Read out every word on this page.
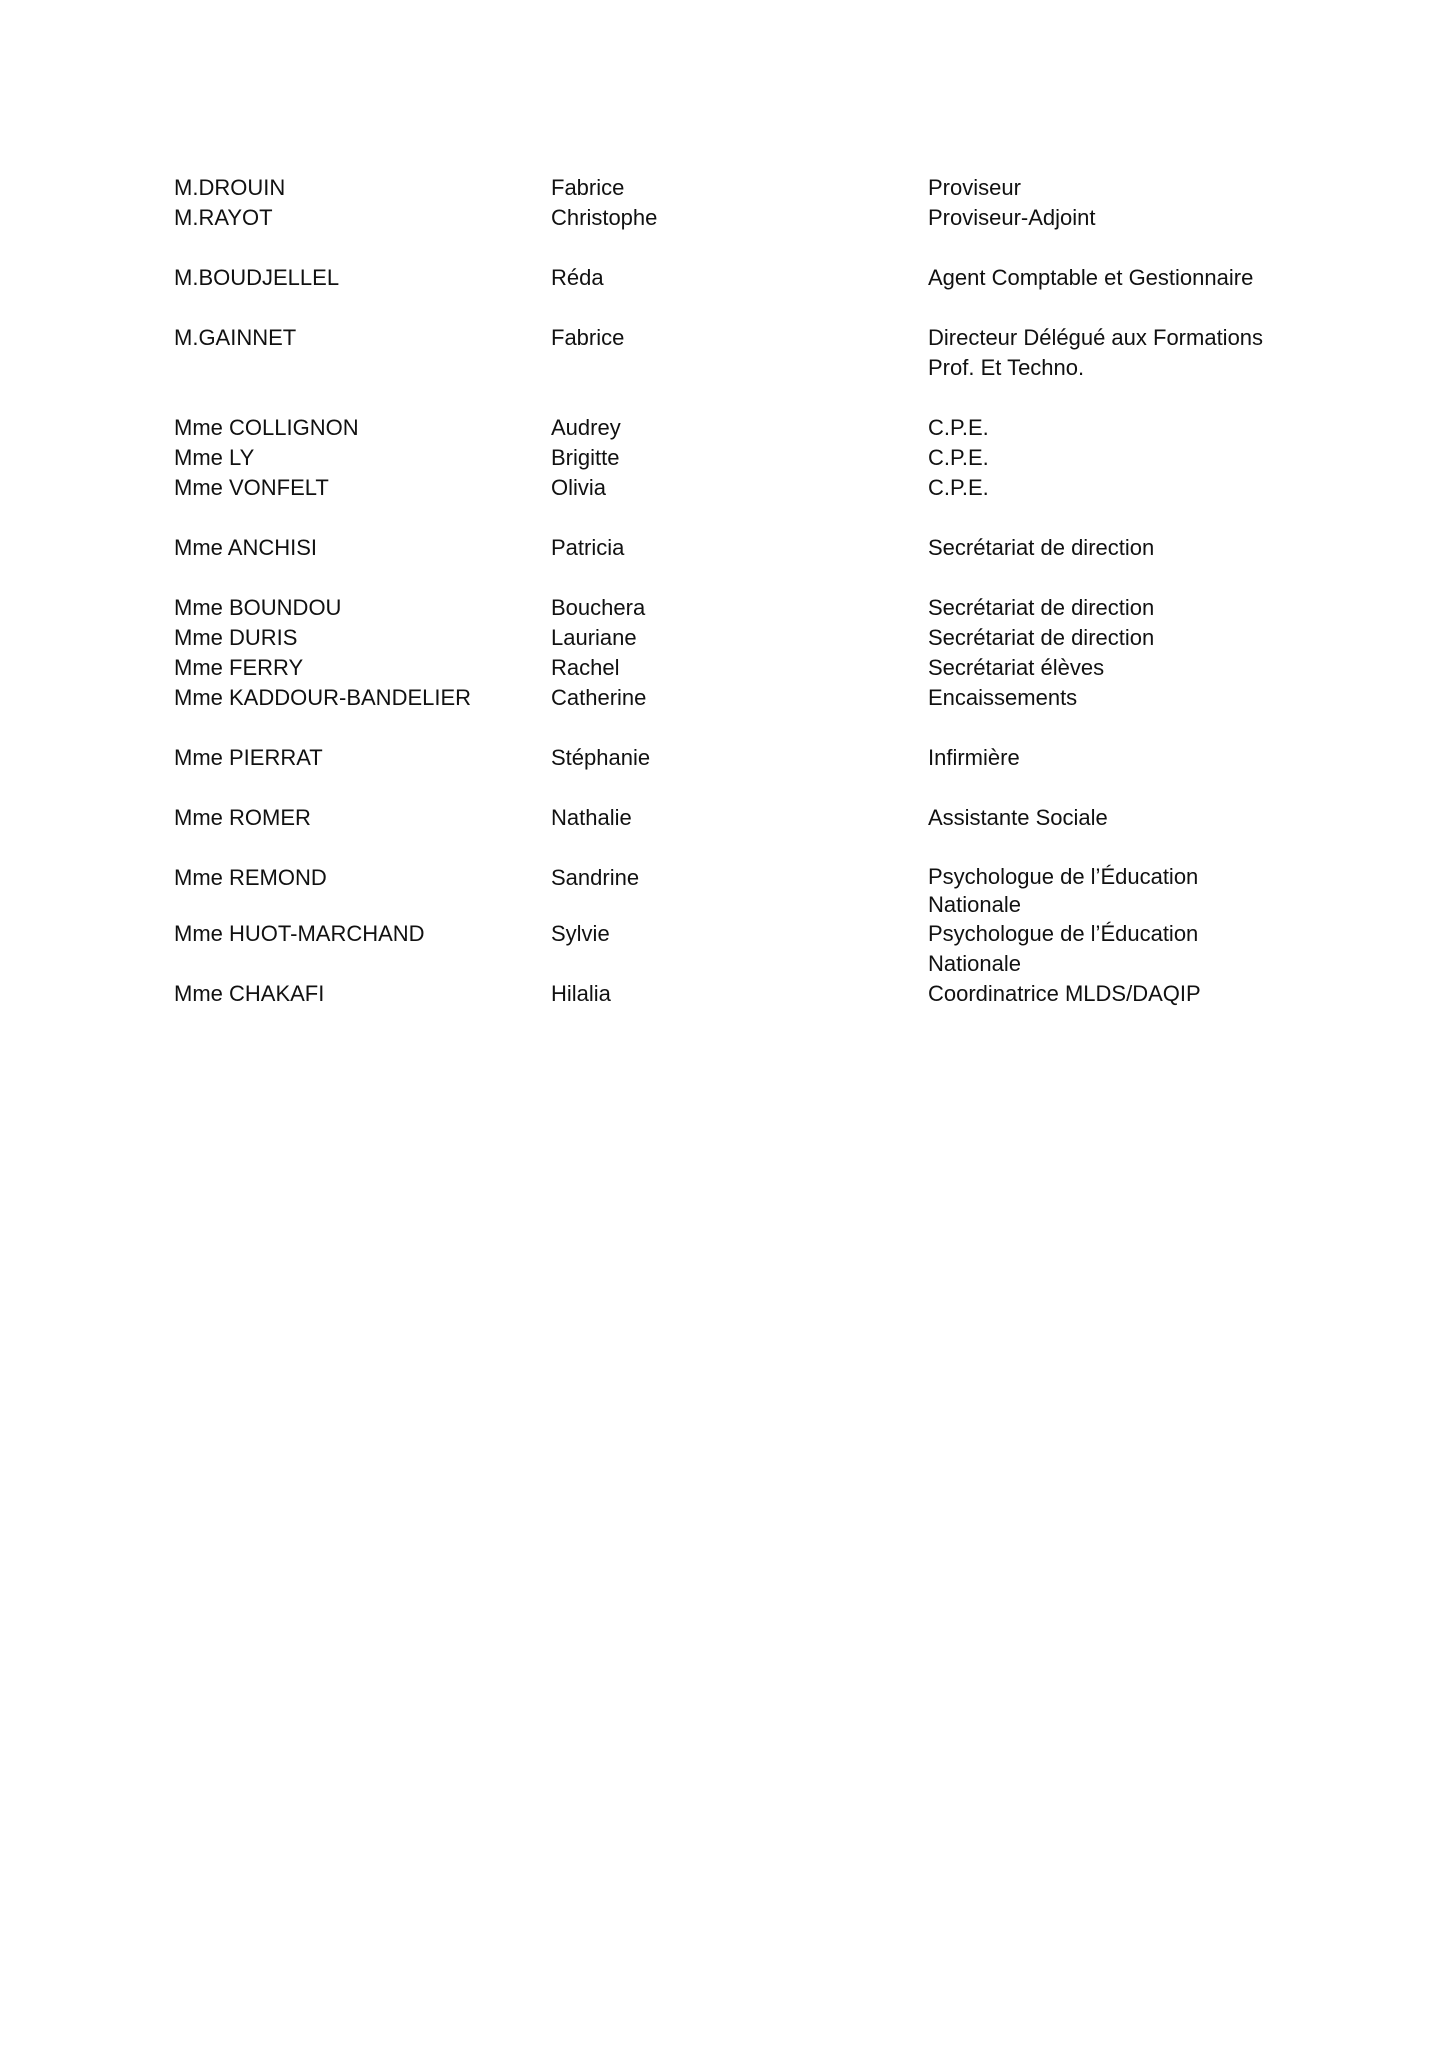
M.DROUIN	Fabrice	Proviseur
M.RAYOT	Christophe	Proviseur-Adjoint
M.BOUDJELLEL	Réda	Agent Comptable et Gestionnaire
M.GAINNET	Fabrice	Directeur Délégué aux Formations
Prof. Et Techno.
Mme COLLIGNON	Audrey	C.P.E.
Mme LY	Brigitte	C.P.E.
Mme VONFELT	Olivia	C.P.E.
Mme ANCHISI	Patricia	Secrétariat de direction
Mme BOUNDOU	Bouchera	Secrétariat de direction
Mme DURIS	Lauriane	Secrétariat de direction
Mme FERRY	Rachel	Secrétariat élèves
Mme KADDOUR-BANDELIER	Catherine	Encaissements
Mme PIERRAT	Stéphanie	Infirmière
Mme ROMER	Nathalie	Assistante Sociale
Mme REMOND	Sandrine	Psychologue de l’Éducation
Nationale
Mme HUOT-MARCHAND	Sylvie	Psychologue de l’Éducation
Nationale
Mme CHAKAFI	Hilalia	Coordinatrice MLDS/DAQIP
